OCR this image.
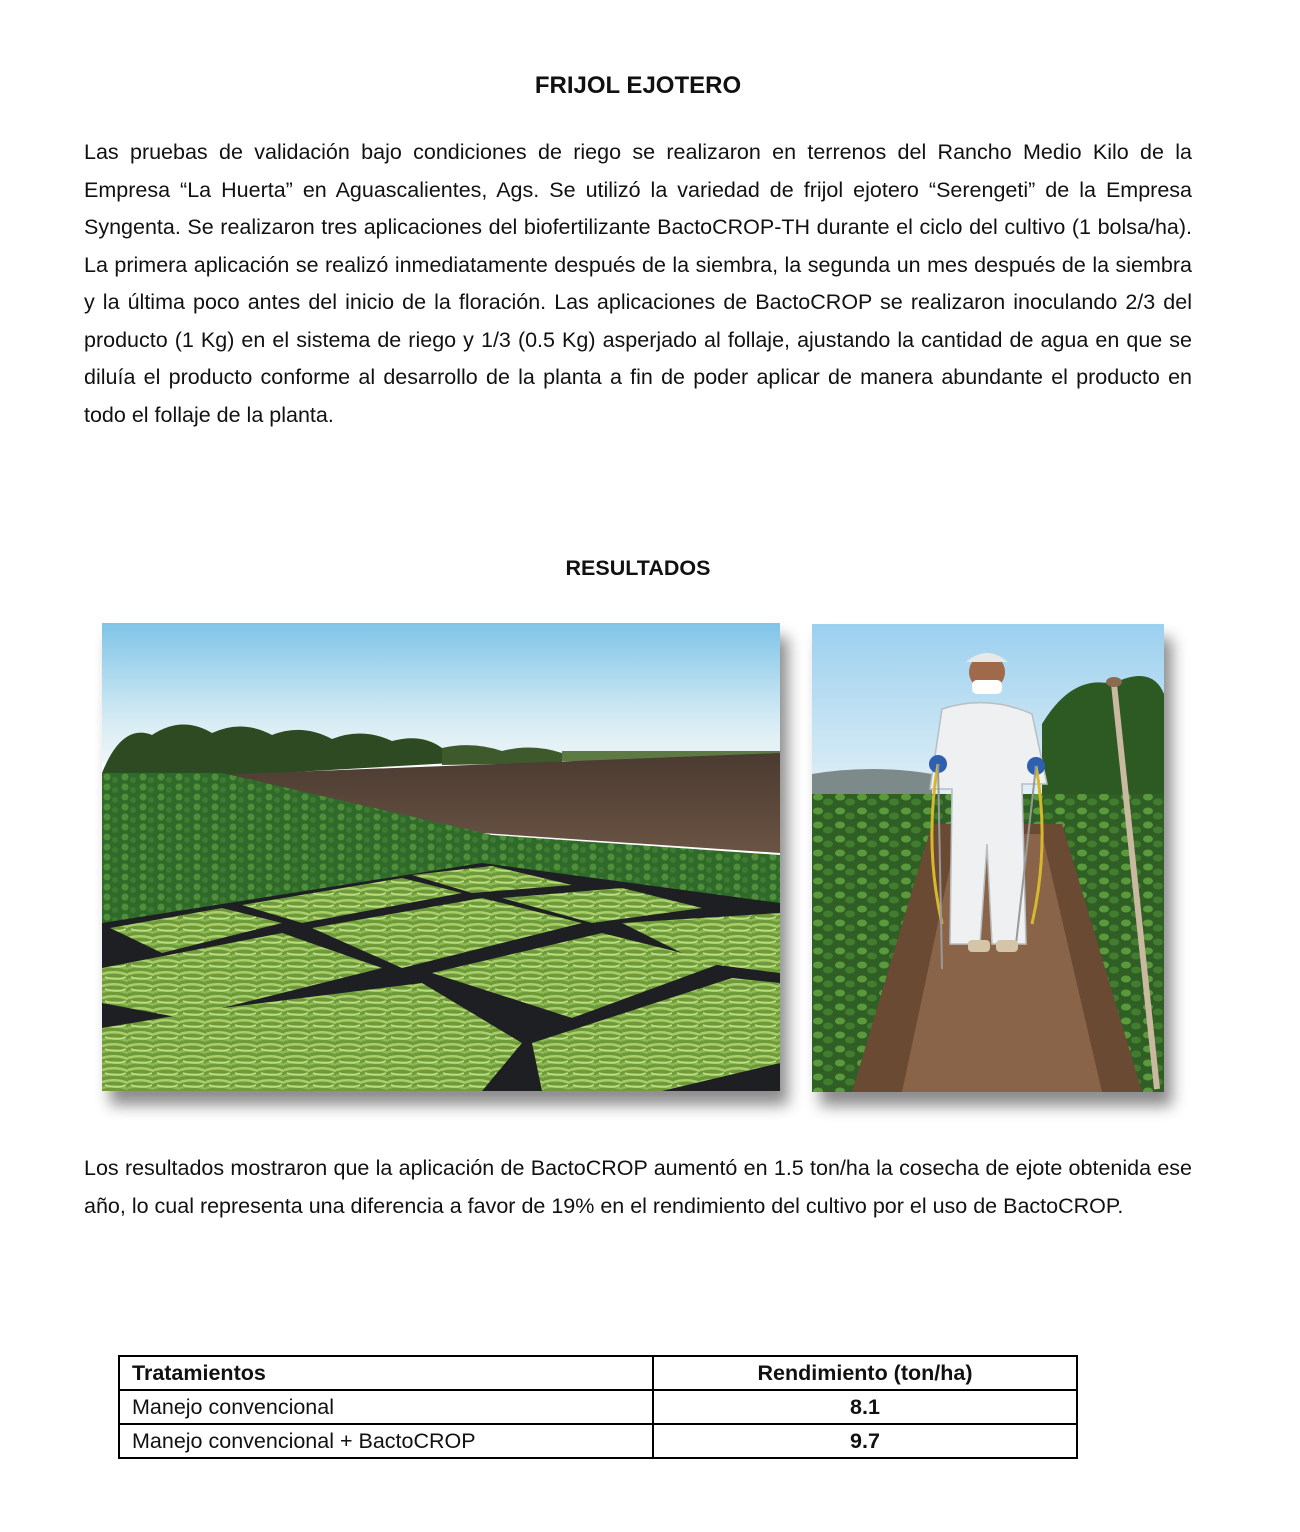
FRIJOL EJOTERO

Las pruebas de validación bajo condiciones de riego se realizaron en terrenos del Rancho Medio Kilo de la Empresa “La Huerta” en Aguascalientes, Ags. Se utilizó la variedad de frijol ejotero “Serengeti” de la Empresa Syngenta. Se realizaron tres aplicaciones del biofertilizante BactoCROP-TH durante el ciclo del cultivo (1 bolsa/ha). La primera aplicación se realizó inmediatamente después de la siembra, la segunda un mes después de la siembra y la última poco antes del inicio de la floración. Las aplicaciones de BactoCROP se realizaron inoculando 2/3 del producto (1 Kg) en el sistema de riego y 1/3 (0.5 Kg) asperjado al follaje, ajustando la cantidad de agua en que se diluía el producto conforme al desarrollo de la planta a fin de poder aplicar de manera abundante el producto en todo el follaje de la planta.

RESULTADOS

Los resultados mostraron que la aplicación de BactoCROP aumentó en 1.5 ton/ha la cosecha de ejote obtenida ese año, lo cual representa una diferencia a favor de 19% en el rendimiento del cultivo por el uso de BactoCROP.

Tratamientos	Rendimiento (ton/ha)
Manejo convencional	8.1
Manejo convencional + BactoCROP	9.7
